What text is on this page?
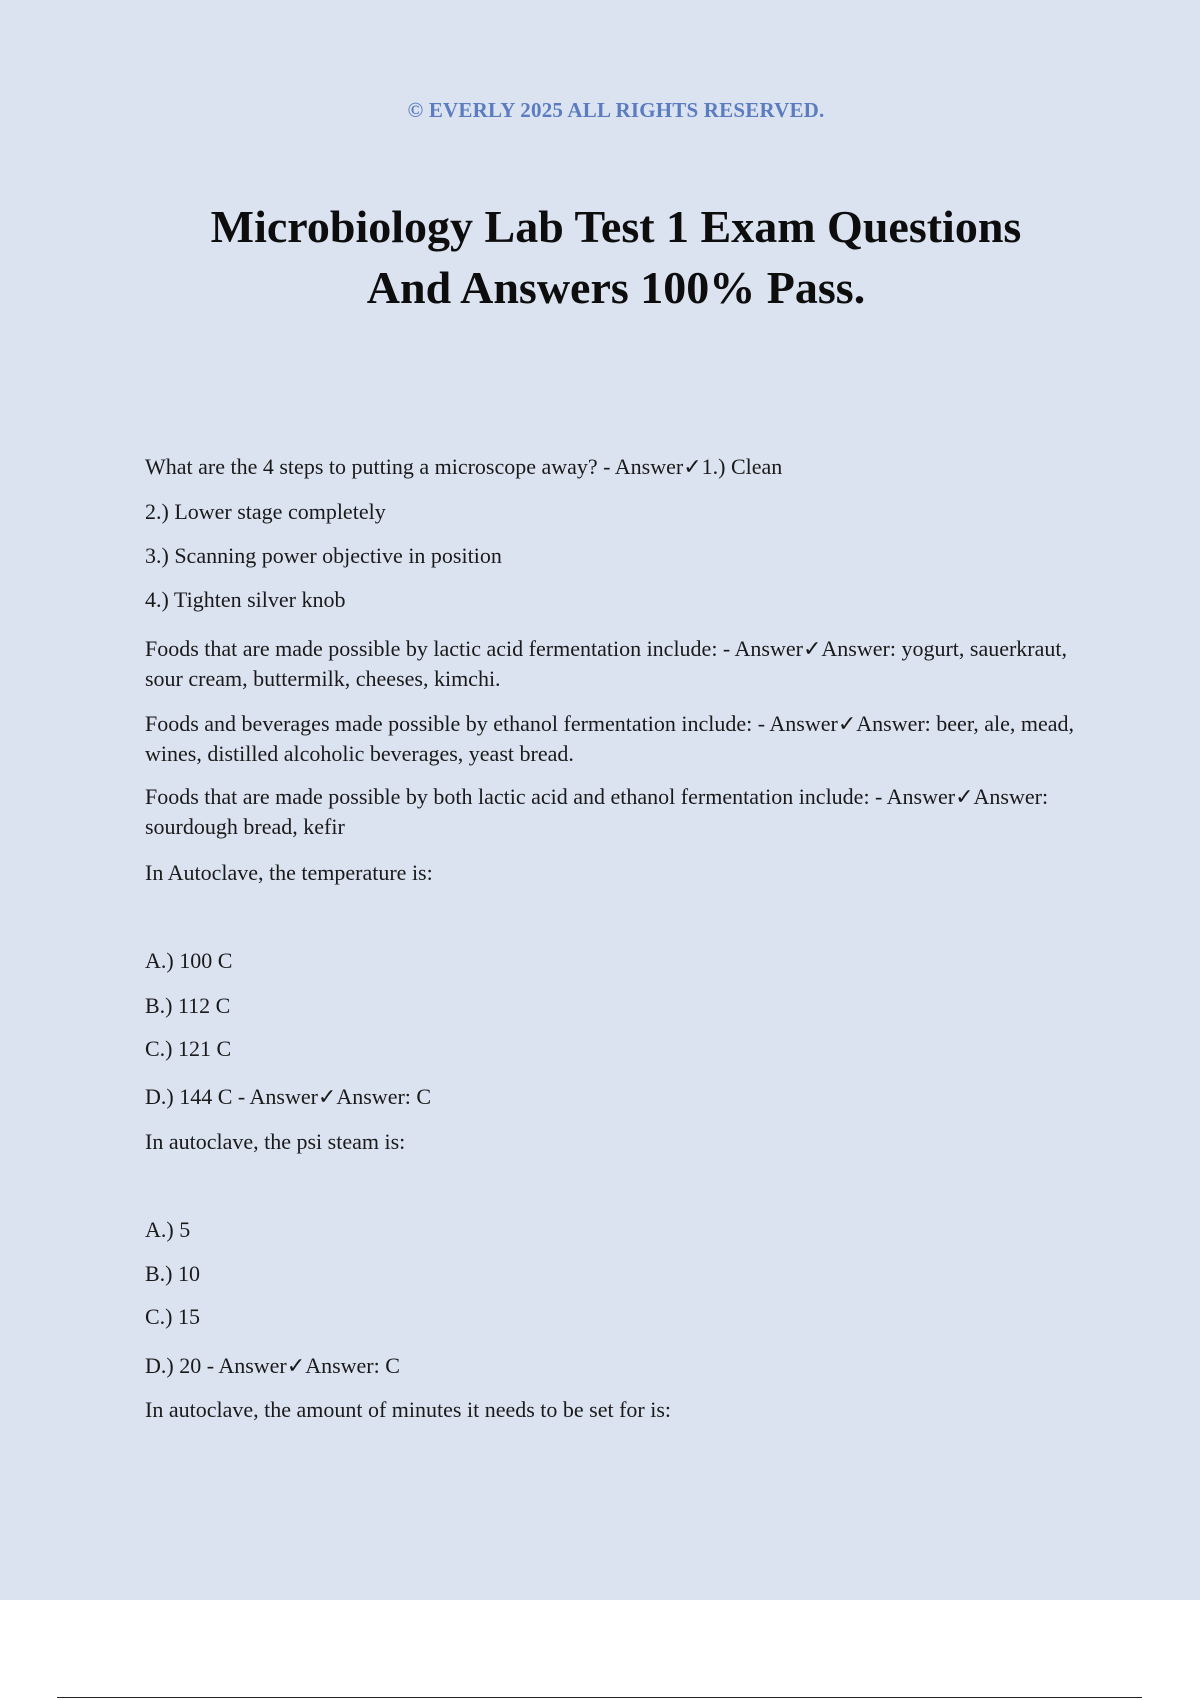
© EVERLY 2025 ALL RIGHTS RESERVED.
Microbiology Lab Test 1 Exam Questions
And Answers 100% Pass.
What are the 4 steps to putting a microscope away? - Answer✓1.) Clean
2.) Lower stage completely
3.) Scanning power objective in position
4.) Tighten silver knob
Foods that are made possible by lactic acid fermentation include: - Answer✓Answer: yogurt, sauerkraut, sour cream, buttermilk, cheeses, kimchi.
Foods and beverages made possible by ethanol fermentation include: - Answer✓Answer: beer, ale, mead, wines, distilled alcoholic beverages, yeast bread.
Foods that are made possible by both lactic acid and ethanol fermentation include: - Answer✓Answer: sourdough bread, kefir
In Autoclave, the temperature is:
A.) 100 C
B.) 112 C
C.) 121 C
D.) 144 C - Answer✓Answer: C
In autoclave, the psi steam is:
A.) 5
B.) 10
C.) 15
D.) 20 - Answer✓Answer: C
In autoclave, the amount of minutes it needs to be set for is:
